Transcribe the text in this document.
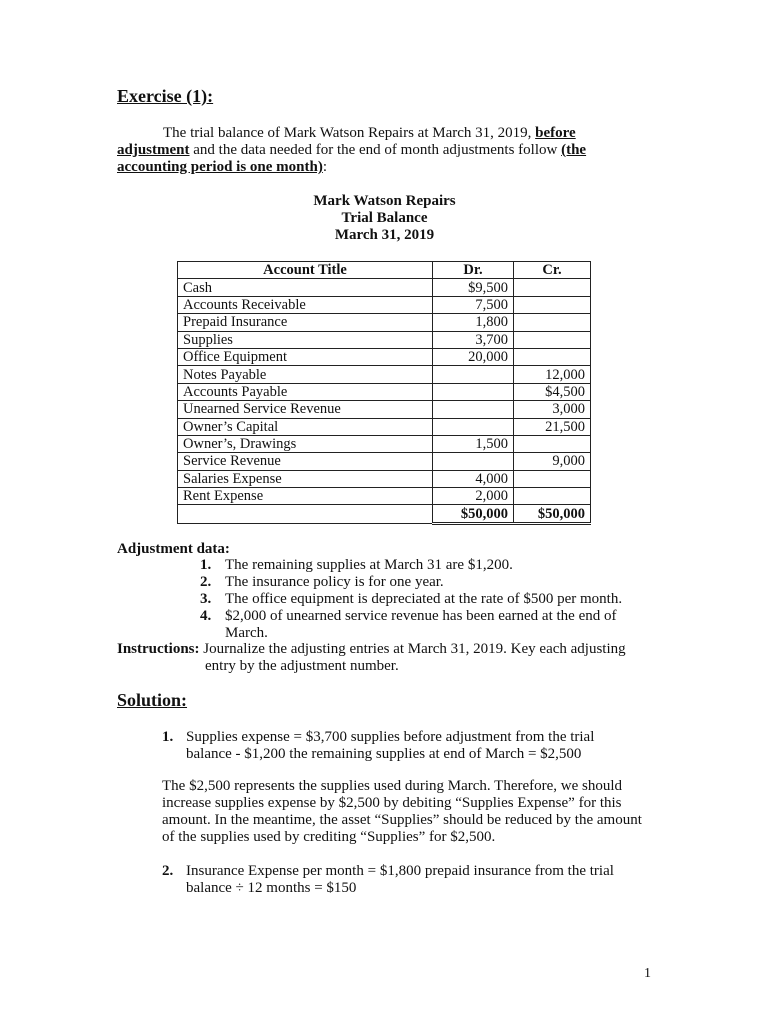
Exercise (1):
The trial balance of Mark Watson Repairs at March 31, 2019, before adjustment and the data needed for the end of month adjustments follow (the accounting period is one month):
Mark Watson Repairs
Trial Balance
March 31, 2019
Account Title	Dr.	Cr.
Cash	$9,500	
Accounts Receivable	7,500	
Prepaid Insurance	1,800	
Supplies	3,700	
Office Equipment	20,000	
Notes Payable		12,000
Accounts Payable		$4,500
Unearned Service Revenue		3,000
Owner’s Capital		21,500
Owner’s, Drawings	1,500	
Service Revenue		9,000
Salaries Expense	4,000	
Rent Expense	2,000	
	$50,000	$50,000
Adjustment data:
1. The remaining supplies at March 31 are $1,200.
2. The insurance policy is for one year.
3. The office equipment is depreciated at the rate of $500 per month.
4. $2,000 of unearned service revenue has been earned at the end of March.
Instructions: Journalize the adjusting entries at March 31, 2019. Key each adjusting
entry by the adjustment number.
Solution:
1. Supplies expense = $3,700 supplies before adjustment from the trial balance - $1,200 the remaining supplies at end of March = $2,500
The $2,500 represents the supplies used during March. Therefore, we should increase supplies expense by $2,500 by debiting “Supplies Expense” for this amount. In the meantime, the asset “Supplies” should be reduced by the amount of the supplies used by crediting “Supplies” for $2,500.
2. Insurance Expense per month = $1,800 prepaid insurance from the trial balance ÷ 12 months = $150
1
